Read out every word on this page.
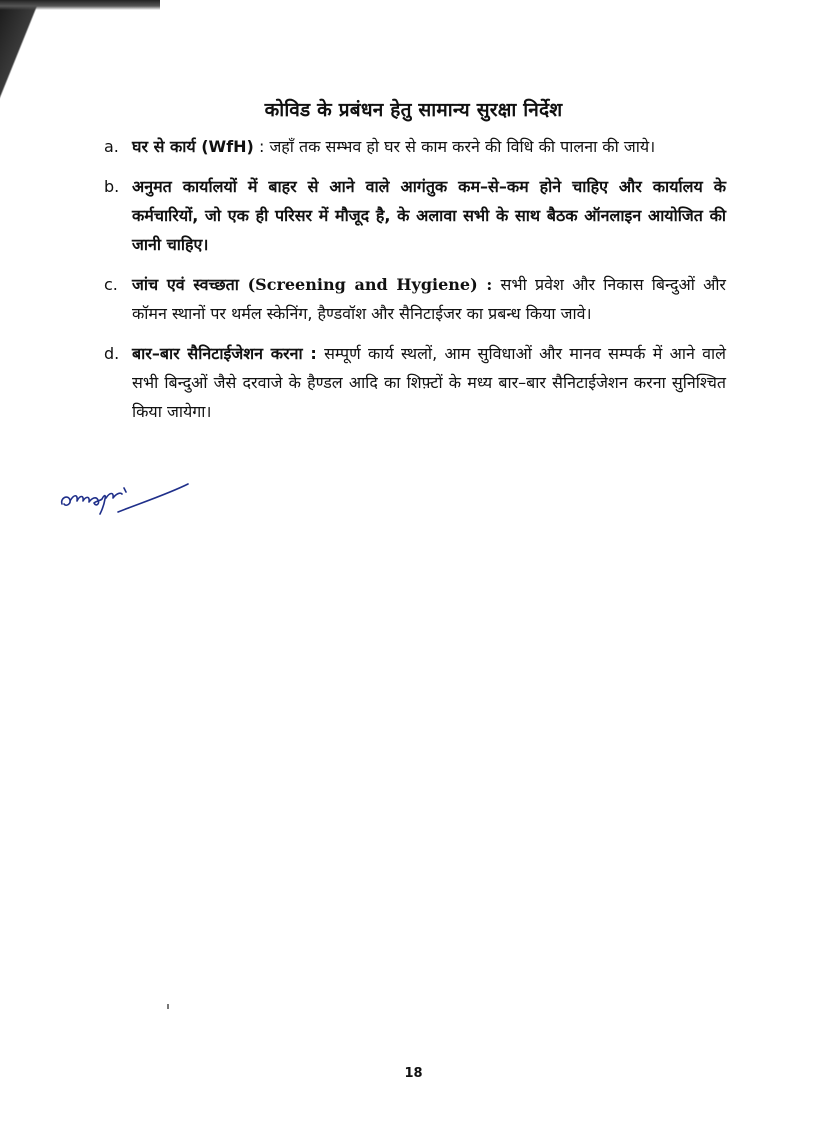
कोविड के प्रबंधन हेतु सामान्य सुरक्षा निर्देश
a. घर से कार्य (WfH) : जहाँ तक सम्भव हो घर से काम करने की विधि की पालना की जाये।
b. अनुमत कार्यालयों में बाहर से आने वाले आगंतुक कम–से–कम होने चाहिए और कार्यालय के कर्मचारियों, जो एक ही परिसर में मौजूद है, के अलावा सभी के साथ बैठक ऑनलाइन आयोजित की जानी चाहिए।
c. जांच एवं स्वच्छता (Screening and Hygiene) : सभी प्रवेश और निकास बिन्दुओं और कॉमन स्थानों पर थर्मल स्केनिंग, हैण्डवॉश और सैनिटाईजर का प्रबन्ध किया जावे।
d. बार–बार सैनिटाईजेशन करना : सम्पूर्ण कार्य स्थलों, आम सुविधाओं और मानव सम्पर्क में आने वाले सभी बिन्दुओं जैसे दरवाजे के हैण्डल आदि का शिफ़्टों के मध्य बार–बार सैनिटाईजेशन करना सुनिश्चित किया जायेगा।
18
